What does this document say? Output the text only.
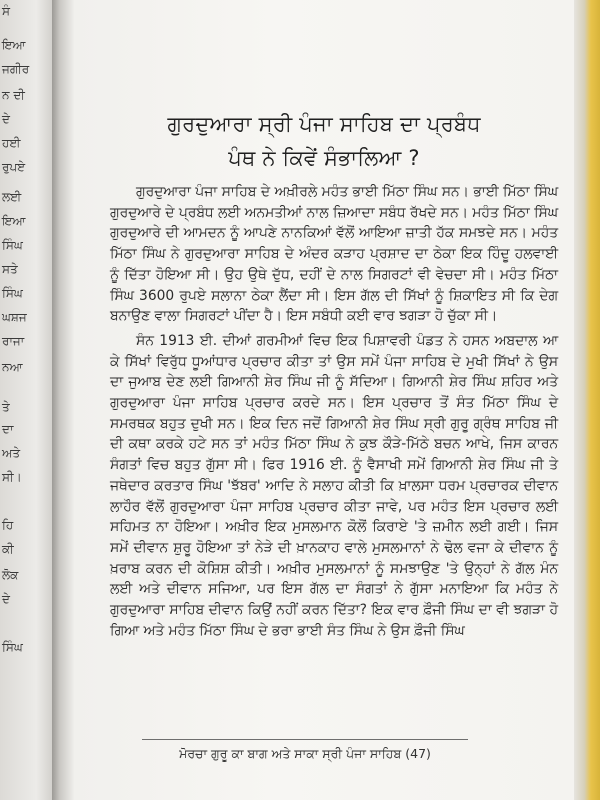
ਸੰ
ਇਆ
ਜਗੀਰ
ਨ ਦੀ
ਦੇ
ਹਈ
ਰੁਪਏ
ਲਈ
ਇਆ
ਸਿੰਘ
ਸਤੇ
ਸਿੰਘ
ਘਸ਼ਜ
ਰਾਜਾ
ਨਆ
ਤੇ
ਦਾ
ਅਤੇ
ਸੀ।
ਹਿ
ਕੀ
ਲੋਕ
ਦੇ
ਸਿੰਘ
ਗੁਰਦੁਆਰਾ ਸ੍ਰੀ ਪੰਜਾ ਸਾਹਿਬ ਦਾ ਪ੍ਰਬੰਧ
ਪੰਥ ਨੇ ਕਿਵੇਂ ਸੰਭਾਲਿਆ ?

ਗੁਰਦੁਆਰਾ ਪੰਜਾ ਸਾਹਿਬ ਦੇ ਅਖ਼ੀਰਲੇ ਮਹੰਤ ਭਾਈ ਮਿੱਠਾ ਸਿੰਘ ਸਨ। ਭਾਈ ਮਿੱਠਾ ਸਿੰਘ ਗੁਰਦੁਆਰੇ ਦੇ ਪ੍ਰਬੰਧ ਲਈ ਅਨਮਤੀਆਂ ਨਾਲ ਜ਼ਿਆਦਾ ਸਬੰਧ ਰੱਖਦੇ ਸਨ। ਮਹੰਤ ਮਿੱਠਾ ਸਿੰਘ ਗੁਰਦੁਆਰੇ ਦੀ ਆਮਦਨ ਨੂੰ ਆਪਣੇ ਨਾਨਕਿਆਂ ਵੱਲੋਂ ਆਇਆ ਜ਼ਾਤੀ ਹੱਕ ਸਮਝਦੇ ਸਨ। ਮਹੰਤ ਮਿੱਠਾ ਸਿੰਘ ਨੇ ਗੁਰਦੁਆਰਾ ਸਾਹਿਬ ਦੇ ਅੰਦਰ ਕੜਾਹ ਪ੍ਰਸ਼ਾਦ ਦਾ ਠੇਕਾ ਇਕ ਹਿੰਦੂ ਹਲਵਾਈ ਨੂੰ ਦਿੱਤਾ ਹੋਇਆ ਸੀ। ਉਹ ਉਥੇ ਦੁੱਧ, ਦਹੀਂ ਦੇ ਨਾਲ ਸਿਗਰਟਾਂ ਵੀ ਵੇਚਦਾ ਸੀ। ਮਹੰਤ ਮਿੱਠਾ ਸਿੰਘ 3600 ਰੁਪਏ ਸਲਾਨਾ ਠੇਕਾ ਲੈਂਦਾ ਸੀ। ਇਸ ਗੱਲ ਦੀ ਸਿੱਖਾਂ ਨੂੰ ਸ਼ਿਕਾਇਤ ਸੀ ਕਿ ਦੇਗ ਬਨਾਉਣ ਵਾਲਾ ਸਿਗਰਟਾਂ ਪੀਂਦਾ ਹੈ। ਇਸ ਸਬੰਧੀ ਕਈ ਵਾਰ ਝਗੜਾ ਹੋ ਚੁੱਕਾ ਸੀ।

ਸੰਨ 1913 ਈ. ਦੀਆਂ ਗਰਮੀਆਂ ਵਿਚ ਇਕ ਪਿਸ਼ਾਵਰੀ ਪੰਡਤ ਨੇ ਹਸਨ ਅਬਦਾਲ ਆ ਕੇ ਸਿੱਖਾਂ ਵਿਰੁੱਧ ਧੂਆਂਧਾਰ ਪ੍ਰਚਾਰ ਕੀਤਾ ਤਾਂ ਉਸ ਸਮੇਂ ਪੰਜਾ ਸਾਹਿਬ ਦੇ ਮੁਖੀ ਸਿੱਖਾਂ ਨੇ ਉਸ ਦਾ ਜੁਆਬ ਦੇਣ ਲਈ ਗਿਆਨੀ ਸ਼ੇਰ ਸਿੰਘ ਜੀ ਨੂੰ ਸੱਦਿਆ। ਗਿਆਨੀ ਸ਼ੇਰ ਸਿੰਘ ਸ਼ਹਿਰ ਅਤੇ ਗੁਰਦੁਆਰਾ ਪੰਜਾ ਸਾਹਿਬ ਪ੍ਰਚਾਰ ਕਰਦੇ ਸਨ। ਇਸ ਪ੍ਰਚਾਰ ਤੋਂ ਸੰਤ ਮਿੱਠਾ ਸਿੰਘ ਦੇ ਸਮਰਥਕ ਬਹੁਤ ਦੁਖੀ ਸਨ। ਇਕ ਦਿਨ ਜਦੋਂ ਗਿਆਨੀ ਸ਼ੇਰ ਸਿੰਘ ਸ੍ਰੀ ਗੁਰੂ ਗ੍ਰੰਥ ਸਾਹਿਬ ਜੀ ਦੀ ਕਥਾ ਕਰਕੇ ਹਟੇ ਸਨ ਤਾਂ ਮਹੰਤ ਮਿੱਠਾ ਸਿੰਘ ਨੇ ਕੁਝ ਕੌੜੇ-ਮਿੱਠੇ ਬਚਨ ਆਖੇ, ਜਿਸ ਕਾਰਨ ਸੰਗਤਾਂ ਵਿਚ ਬਹੁਤ ਗੁੱਸਾ ਸੀ। ਫਿਰ 1916 ਈ. ਨੂੰ ਵੈਸਾਖੀ ਸਮੇਂ ਗਿਆਨੀ ਸ਼ੇਰ ਸਿੰਘ ਜੀ ਤੇ ਜਥੇਦਾਰ ਕਰਤਾਰ ਸਿੰਘ 'ਝੱਬਰ' ਆਦਿ ਨੇ ਸਲਾਹ ਕੀਤੀ ਕਿ ਖ਼ਾਲਸਾ ਧਰਮ ਪ੍ਰਚਾਰਕ ਦੀਵਾਨ ਲਾਹੌਰ ਵੱਲੋਂ ਗੁਰਦੁਆਰਾ ਪੰਜਾ ਸਾਹਿਬ ਪ੍ਰਚਾਰ ਕੀਤਾ ਜਾਵੇ, ਪਰ ਮਹੰਤ ਇਸ ਪ੍ਰਚਾਰ ਲਈ ਸਹਿਮਤ ਨਾ ਹੋਇਆ। ਅਖ਼ੀਰ ਇਕ ਮੁਸਲਮਾਨ ਕੋਲੋਂ ਕਿਰਾਏ 'ਤੇ ਜ਼ਮੀਨ ਲਈ ਗਈ। ਜਿਸ ਸਮੇਂ ਦੀਵਾਨ ਸ਼ੁਰੂ ਹੋਇਆ ਤਾਂ ਨੇੜੇ ਦੀ ਖ਼ਾਨਕਾਹ ਵਾਲੇ ਮੁਸਲਮਾਨਾਂ ਨੇ ਢੋਲ ਵਜਾ ਕੇ ਦੀਵਾਨ ਨੂੰ ਖ਼ਰਾਬ ਕਰਨ ਦੀ ਕੋਸ਼ਿਸ਼ ਕੀਤੀ। ਅਖ਼ੀਰ ਮੁਸਲਮਾਨਾਂ ਨੂੰ ਸਮਝਾਉਣ 'ਤੇ ਉਨ੍ਹਾਂ ਨੇ ਗੱਲ ਮੰਨ ਲਈ ਅਤੇ ਦੀਵਾਨ ਸਜਿਆ, ਪਰ ਇਸ ਗੱਲ ਦਾ ਸੰਗਤਾਂ ਨੇ ਗੁੱਸਾ ਮਨਾਇਆ ਕਿ ਮਹੰਤ ਨੇ ਗੁਰਦੁਆਰਾ ਸਾਹਿਬ ਦੀਵਾਨ ਕਿਉਂ ਨਹੀਂ ਕਰਨ ਦਿੱਤਾ? ਇਕ ਵਾਰ ਫ਼ੌਜੀ ਸਿੰਘ ਦਾ ਵੀ ਝਗੜਾ ਹੋ ਗਿਆ ਅਤੇ ਮਹੰਤ ਮਿੱਠਾ ਸਿੰਘ ਦੇ ਭਰਾ ਭਾਈ ਸੰਤ ਸਿੰਘ ਨੇ ਉਸ ਫ਼ੌਜੀ ਸਿੰਘ

ਮੋਰਚਾ ਗੁਰੂ ਕਾ ਬਾਗ ਅਤੇ ਸਾਕਾ ਸ੍ਰੀ ਪੰਜਾ ਸਾਹਿਬ (47)
